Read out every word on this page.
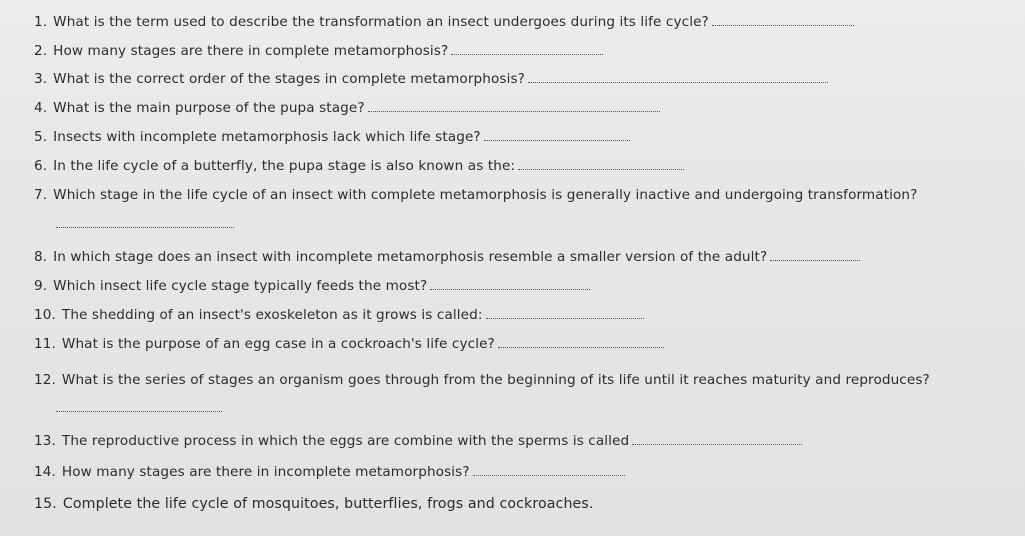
1. What is the term used to describe the transformation an insect undergoes during its life cycle?
2. How many stages are there in complete metamorphosis?
3. What is the correct order of the stages in complete metamorphosis?
4. What is the main purpose of the pupa stage?
5. Insects with incomplete metamorphosis lack which life stage?
6. In the life cycle of a butterfly, the pupa stage is also known as the:
7. Which stage in the life cycle of an insect with complete metamorphosis is generally inactive and undergoing transformation?
8. In which stage does an insect with incomplete metamorphosis resemble a smaller version of the adult?
9. Which insect life cycle stage typically feeds the most?
10. The shedding of an insect's exoskeleton as it grows is called:
11. What is the purpose of an egg case in a cockroach's life cycle?
12. What is the series of stages an organism goes through from the beginning of its life until it reaches maturity and reproduces?
13. The reproductive process in which the eggs are combine with the sperms is called
14. How many stages are there in incomplete metamorphosis?
15. Complete the life cycle of mosquitoes, butterflies, frogs and cockroaches.
